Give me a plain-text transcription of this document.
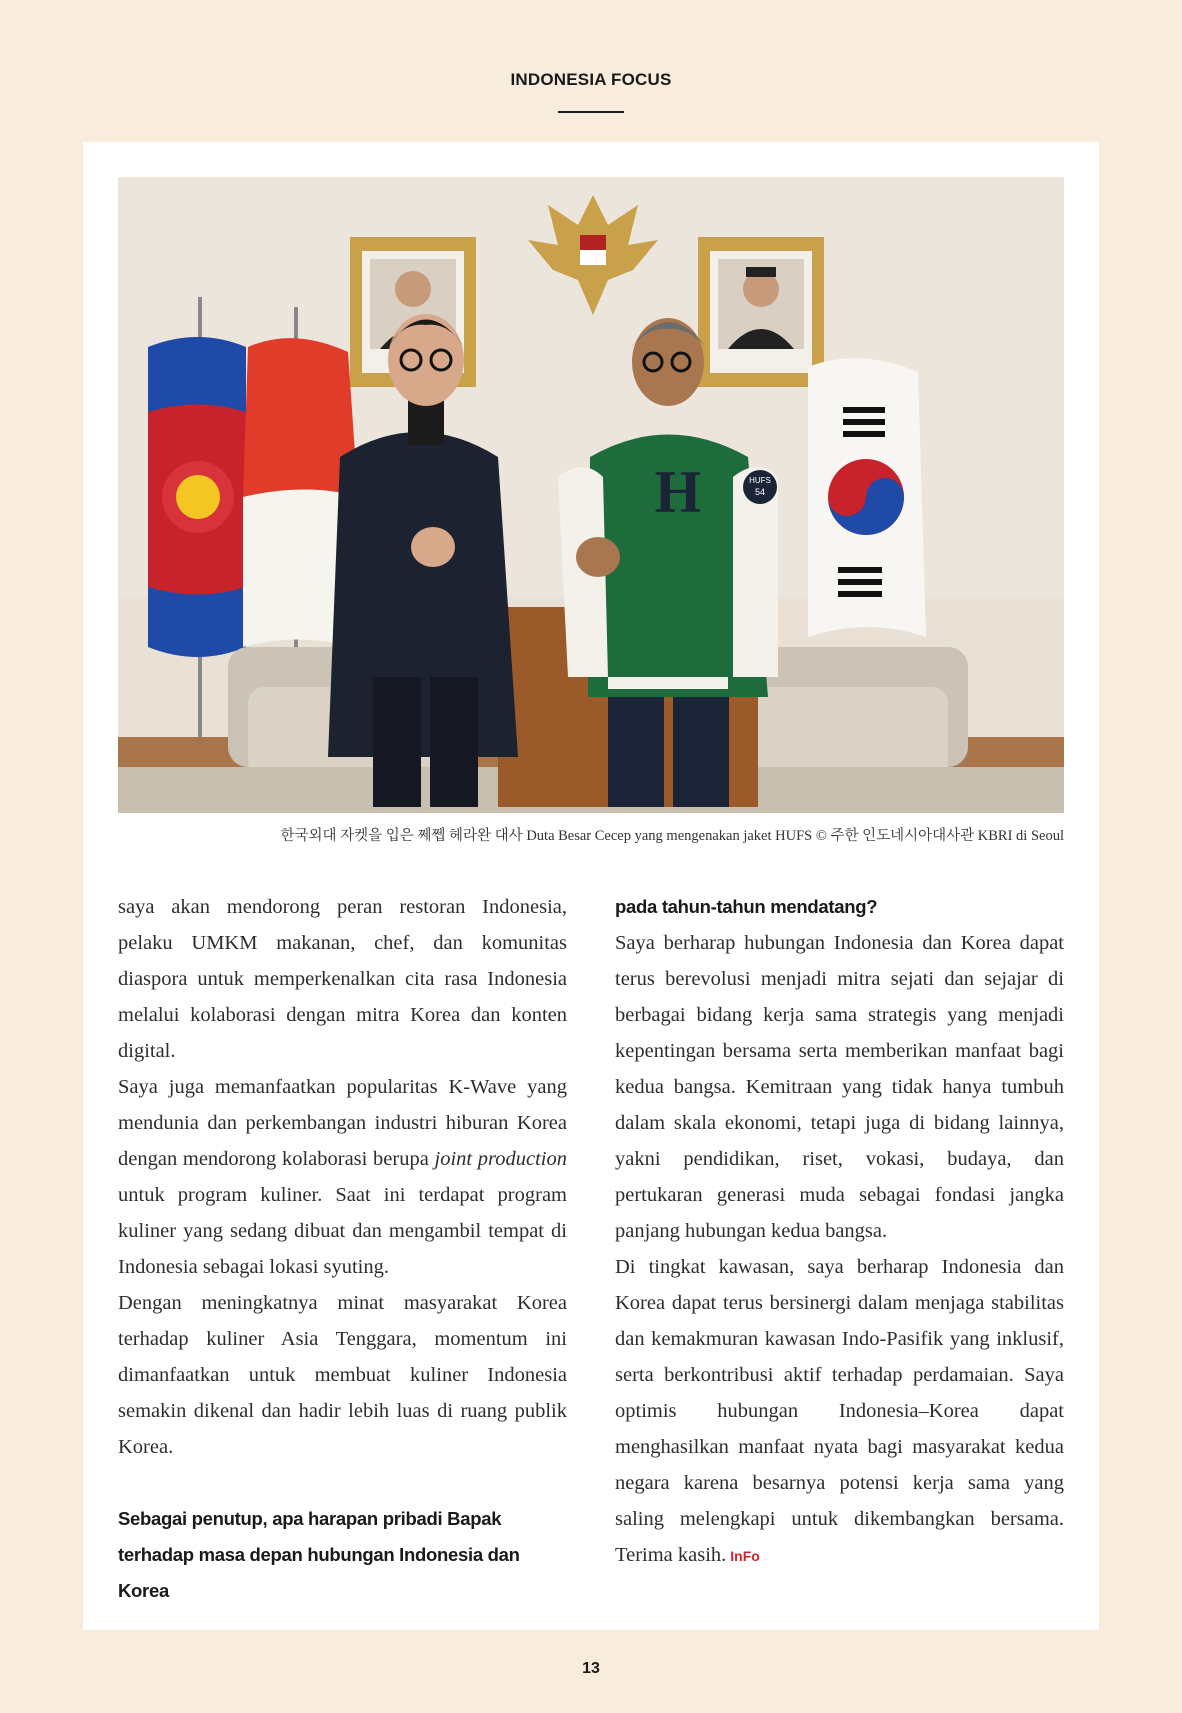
INDONESIA FOCUS
H	HUFS
54
한국외대 자켓을 입은 쩨쩹 헤라완 대사 Duta Besar Cecep yang mengenakan jaket HUFS © 주한 인도네시아대사관 KBRI di Seoul

saya akan mendorong peran restoran Indonesia, pelaku UMKM makanan, chef, dan komunitas diaspora untuk memperkenalkan cita rasa Indonesia melalui kolaborasi dengan mitra Korea dan konten digital.

Saya juga memanfaatkan popularitas K-Wave yang mendunia dan perkembangan industri hiburan Korea dengan mendorong kolaborasi berupa joint production untuk program kuliner. Saat ini terdapat program kuliner yang sedang dibuat dan mengambil tempat di Indonesia sebagai lokasi syuting.

Dengan meningkatnya minat masyarakat Korea terhadap kuliner Asia Tenggara, momentum ini dimanfaatkan untuk membuat kuliner Indonesia semakin dikenal dan hadir lebih luas di ruang publik Korea.

Sebagai penutup, apa harapan pribadi Bapak terhadap masa depan hubungan Indonesia dan Korea

pada tahun-tahun mendatang?

Saya berharap hubungan Indonesia dan Korea dapat terus berevolusi menjadi mitra sejati dan sejajar di berbagai bidang kerja sama strategis yang menjadi kepentingan bersama serta memberikan manfaat bagi kedua bangsa. Kemitraan yang tidak hanya tumbuh dalam skala ekonomi, tetapi juga di bidang lainnya, yakni pendidikan, riset, vokasi, budaya, dan pertukaran generasi muda sebagai fondasi jangka panjang hubungan kedua bangsa.

Di tingkat kawasan, saya berharap Indonesia dan Korea dapat terus bersinergi dalam menjaga stabilitas dan kemakmuran kawasan Indo-Pasifik yang inklusif, serta berkontribusi aktif terhadap perdamaian. Saya optimis hubungan Indonesia–Korea dapat menghasilkan manfaat nyata bagi masyarakat kedua negara karena besarnya potensi kerja sama yang saling melengkapi untuk dikembangkan bersama. Terima kasih. InFo

13
